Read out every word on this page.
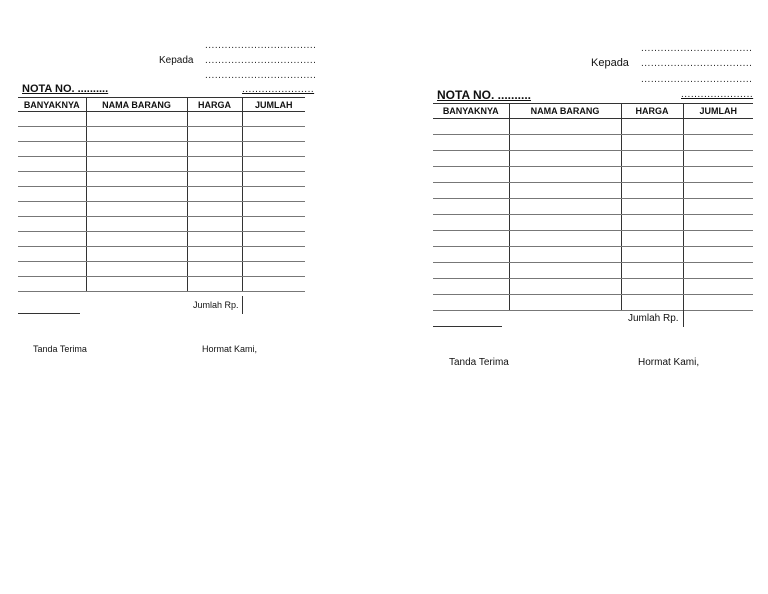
..................................
Kepada ..................................
..................................
NOTA NO. ..........	......................
BANYAKNYA	NAMA BARANG	HARGA	JUMLAH

Jumlah Rp.
Tanda Terima	Hormat Kami,
..................................
Kepada ..................................
..................................
NOTA NO. ..........	......................
BANYAKNYA	NAMA BARANG	HARGA	JUMLAH

Jumlah Rp.
Tanda Terima	Hormat Kami,
